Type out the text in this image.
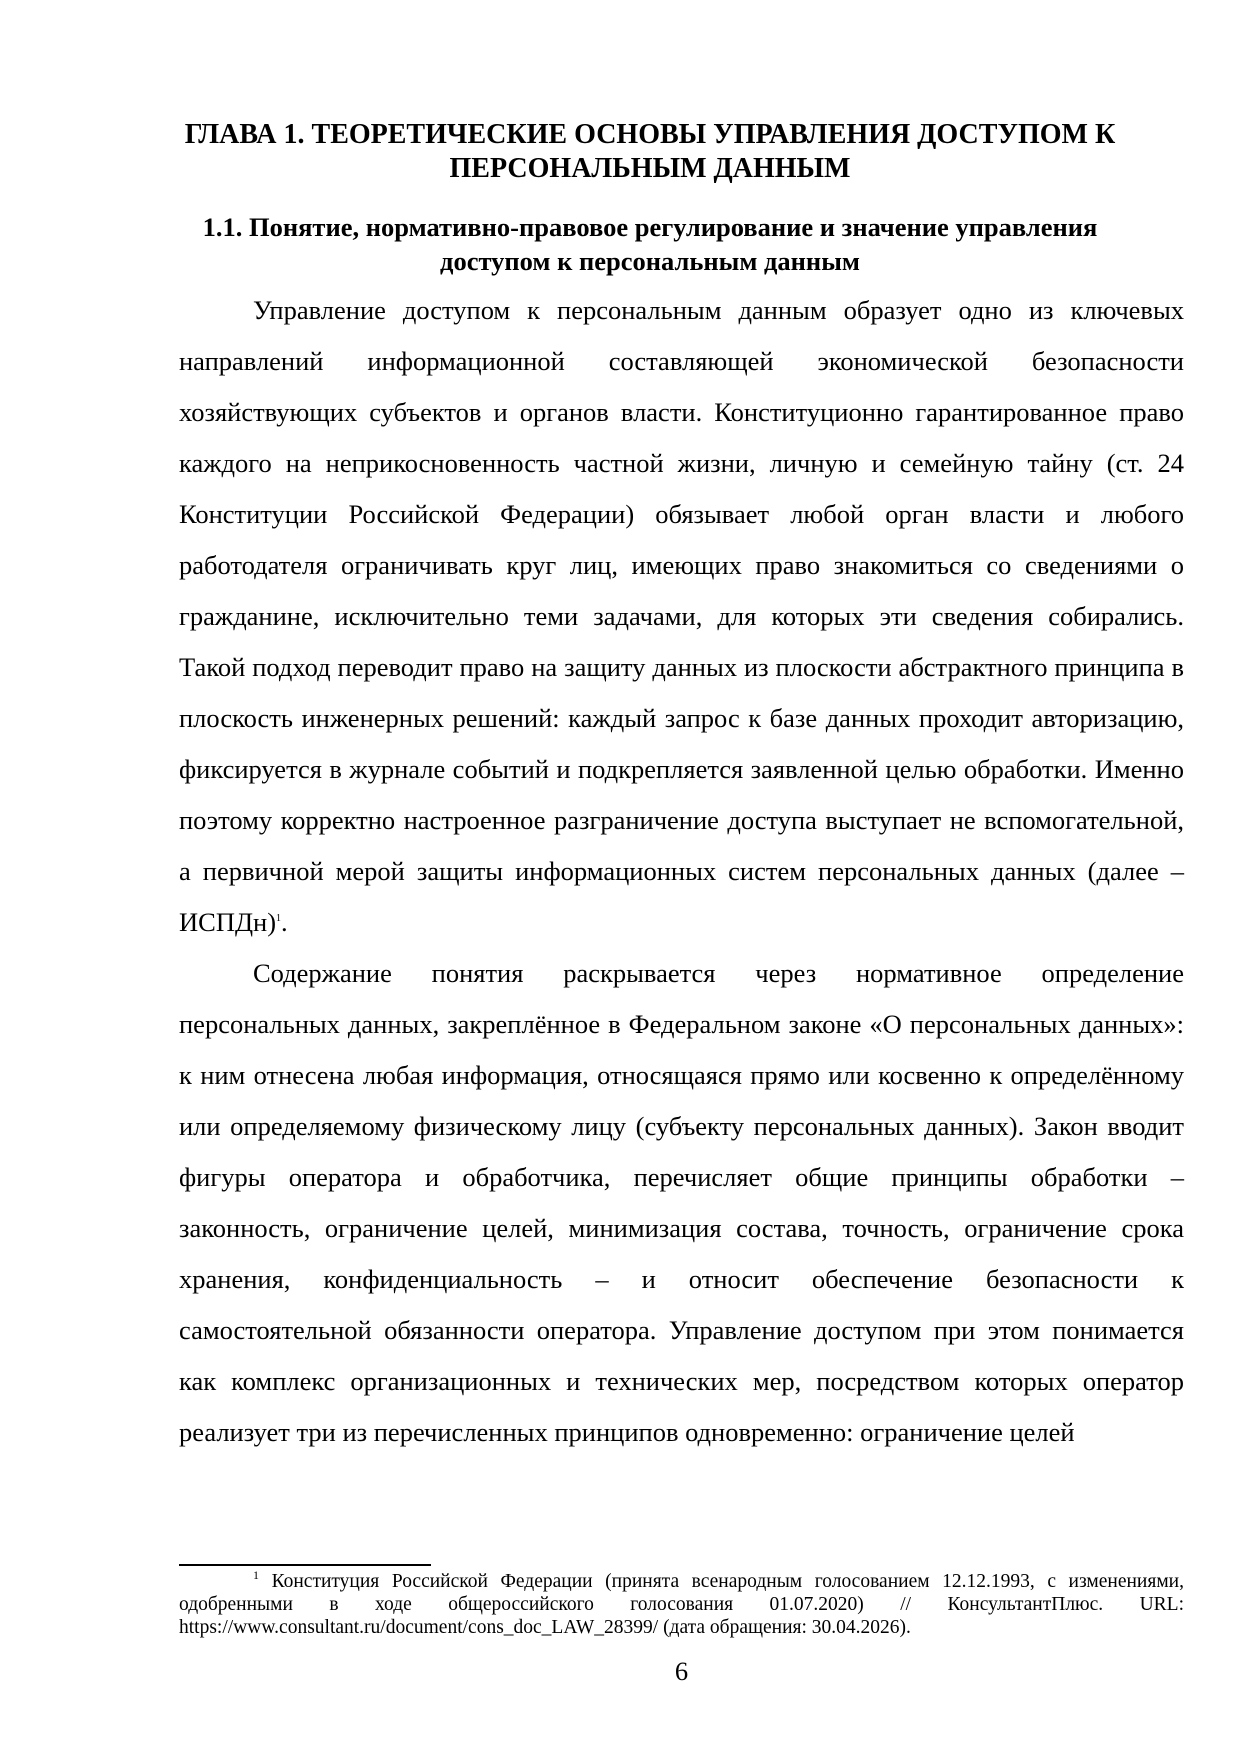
ГЛАВА 1. ТЕОРЕТИЧЕСКИЕ ОСНОВЫ УПРАВЛЕНИЯ ДОСТУПОМ К ПЕРСОНАЛЬНЫМ ДАННЫМ
1.1. Понятие, нормативно-правовое регулирование и значение управления доступом к персональным данным

Управление доступом к персональным данным образует одно из ключевых направлений информационной составляющей экономической безопасности хозяйствующих субъектов и органов власти. Конституционно гарантированное право каждого на неприкосновенность частной жизни, личную и семейную тайну (ст. 24 Конституции Российской Федерации) обязывает любой орган власти и любого работодателя ограничивать круг лиц, имеющих право знакомиться со сведениями о гражданине, исключительно теми задачами, для которых эти сведения собирались. Такой подход переводит право на защиту данных из плоскости абстрактного принципа в плоскость инженерных решений: каждый запрос к базе данных проходит авторизацию, фиксируется в журнале событий и подкрепляется заявленной целью обработки. Именно поэтому корректно настроенное разграничение доступа выступает не вспомогательной, а первичной мерой защиты информационных систем персональных данных (далее – ИСПДн)$^1$.

Содержание понятия раскрывается через нормативное определение персональных данных, закреплённое в Федеральном законе «О персональных данных»: к ним отнесена любая информация, относящаяся прямо или косвенно к определённому или определяемому физическому лицу (субъекту персональных данных). Закон вводит фигуры оператора и обработчика, перечисляет общие принципы обработки – законность, ограничение целей, минимизация состава, точность, ограничение срока хранения, конфиденциальность – и относит обеспечение безопасности к самостоятельной обязанности оператора. Управление доступом при этом понимается как комплекс организационных и технических мер, посредством которых оператор реализует три из перечисленных принципов одновременно: ограничение целей

$^1$ Конституция Российской Федерации (принята всенародным голосованием 12.12.1993, с изменениями, одобренными в ходе общероссийского голосования 01.07.2020) // КонсультантПлюс. URL: https://www.consultant.ru/document/cons_doc_LAW_28399/ (дата обращения: 30.04.2026).

6
